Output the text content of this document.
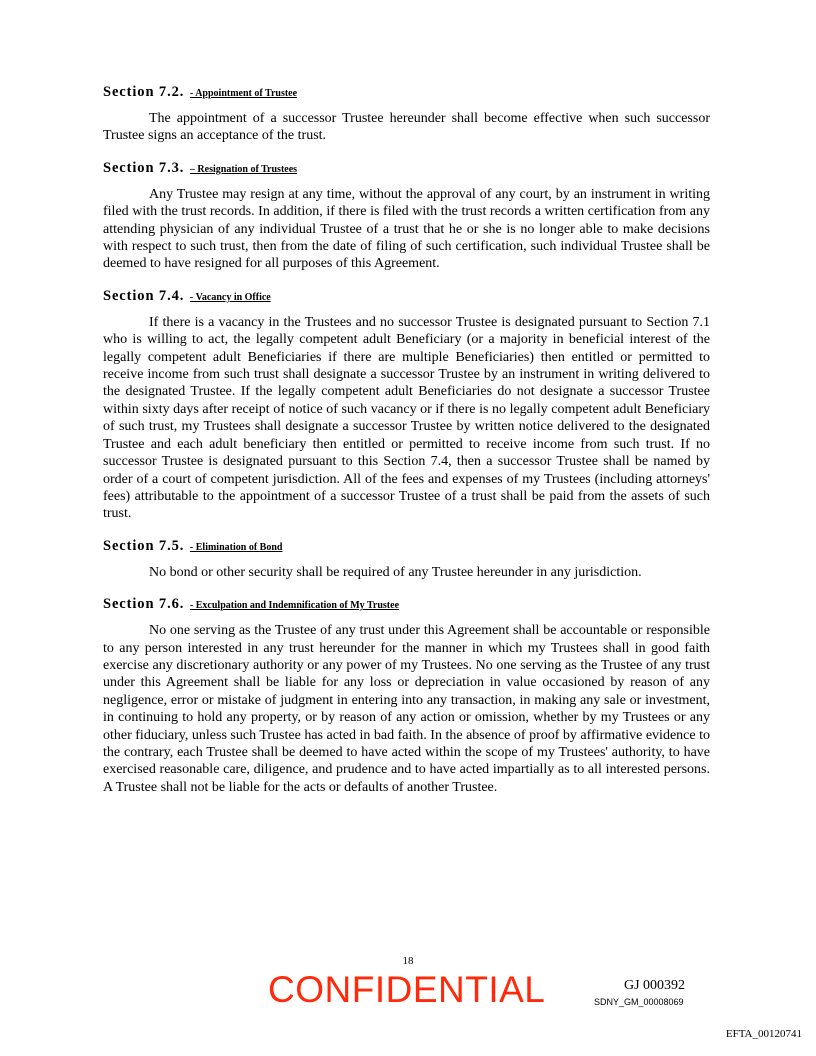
Section 7.2. - Appointment of Trustee

The appointment of a successor Trustee hereunder shall become effective when such successor Trustee signs an acceptance of the trust.

Section 7.3. – Resignation of Trustees

Any Trustee may resign at any time, without the approval of any court, by an instrument in writing filed with the trust records. In addition, if there is filed with the trust records a written certification from any attending physician of any individual Trustee of a trust that he or she is no longer able to make decisions with respect to such trust, then from the date of filing of such certification, such individual Trustee shall be deemed to have resigned for all purposes of this Agreement.

Section 7.4. - Vacancy in Office

If there is a vacancy in the Trustees and no successor Trustee is designated pursuant to Section 7.1 who is willing to act, the legally competent adult Beneficiary (or a majority in beneficial interest of the legally competent adult Beneficiaries if there are multiple Beneficiaries) then entitled or permitted to receive income from such trust shall designate a successor Trustee by an instrument in writing delivered to the designated Trustee. If the legally competent adult Beneficiaries do not designate a successor Trustee within sixty days after receipt of notice of such vacancy or if there is no legally competent adult Beneficiary of such trust, my Trustees shall designate a successor Trustee by written notice delivered to the designated Trustee and each adult beneficiary then entitled or permitted to receive income from such trust. If no successor Trustee is designated pursuant to this Section 7.4, then a successor Trustee shall be named by order of a court of competent jurisdiction. All of the fees and expenses of my Trustees (including attorneys' fees) attributable to the appointment of a successor Trustee of a trust shall be paid from the assets of such trust.

Section 7.5. - Elimination of Bond

No bond or other security shall be required of any Trustee hereunder in any jurisdiction.

Section 7.6. - Exculpation and Indemnification of My Trustee

No one serving as the Trustee of any trust under this Agreement shall be accountable or responsible to any person interested in any trust hereunder for the manner in which my Trustees shall in good faith exercise any discretionary authority or any power of my Trustees. No one serving as the Trustee of any trust under this Agreement shall be liable for any loss or depreciation in value occasioned by reason of any negligence, error or mistake of judgment in entering into any transaction, in making any sale or investment, in continuing to hold any property, or by reason of any action or omission, whether by my Trustees or any other fiduciary, unless such Trustee has acted in bad faith. In the absence of proof by affirmative evidence to the contrary, each Trustee shall be deemed to have acted within the scope of my Trustees' authority, to have exercised reasonable care, diligence, and prudence and to have acted impartially as to all interested persons. A Trustee shall not be liable for the acts or defaults of another Trustee.

18
CONFIDENTIAL	GJ 000392
SDNY_GM_00008069
EFTA_00120741
